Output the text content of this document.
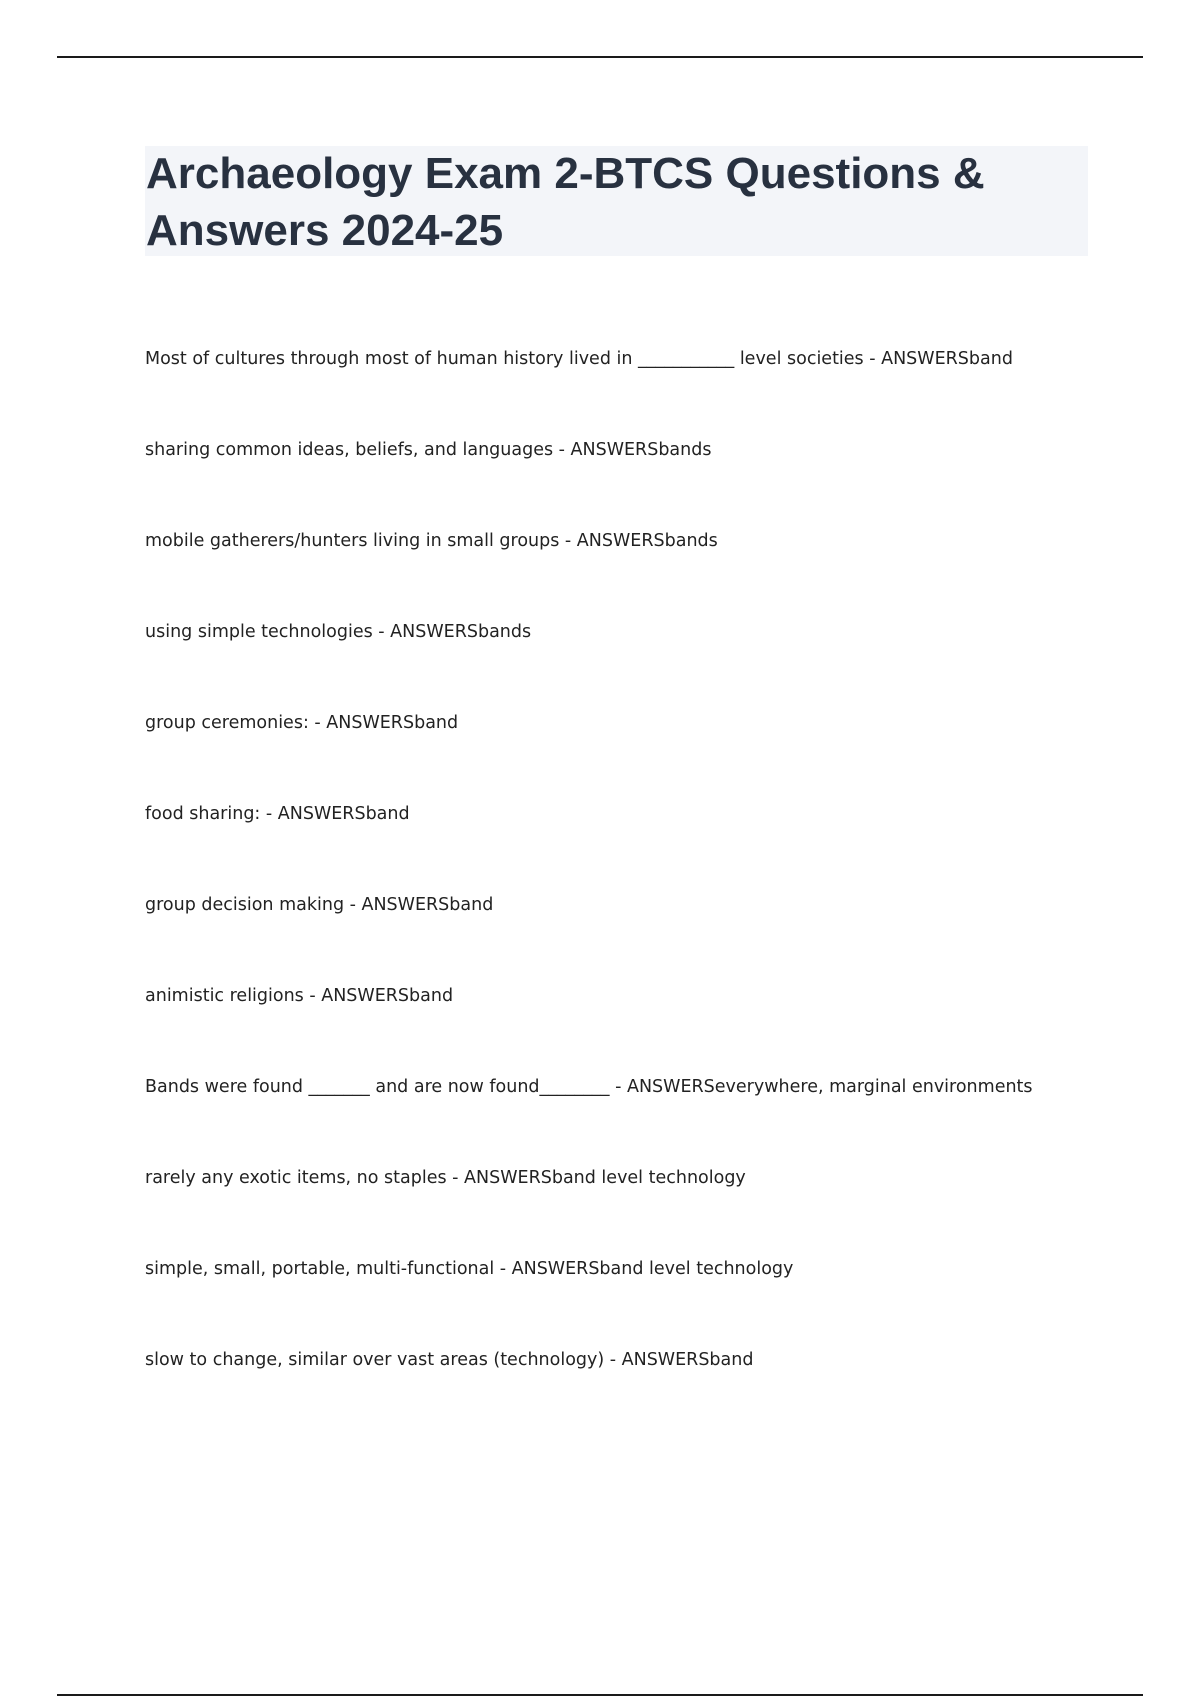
Archaeology Exam 2-BTCS Questions & Answers 2024-25
Most of cultures through most of human history lived in ___________ level societies - ANSWERSband
sharing common ideas, beliefs, and languages - ANSWERSbands
mobile gatherers/hunters living in small groups - ANSWERSbands
using simple technologies - ANSWERSbands
group ceremonies: - ANSWERSband
food sharing: - ANSWERSband
group decision making - ANSWERSband
animistic religions - ANSWERSband
Bands were found _______ and are now found________ - ANSWERSeverywhere, marginal environments
rarely any exotic items, no staples - ANSWERSband level technology
simple, small, portable, multi-functional - ANSWERSband level technology
slow to change, similar over vast areas (technology) - ANSWERSband
